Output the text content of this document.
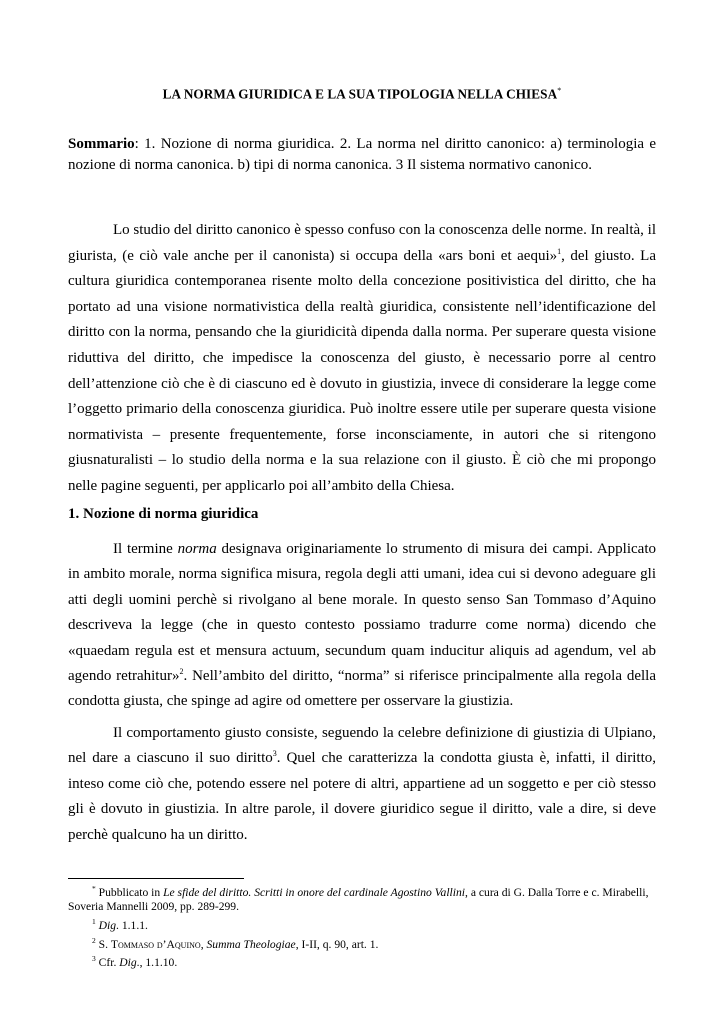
LA NORMA GIURIDICA E LA SUA TIPOLOGIA NELLA CHIESA*
Sommario: 1. Nozione di norma giuridica. 2. La norma nel diritto canonico: a) terminologia e nozione di norma canonica. b) tipi di norma canonica. 3 Il sistema normativo canonico.

Lo studio del diritto canonico è spesso confuso con la conoscenza delle norme. In realtà, il giurista, (e ciò vale anche per il canonista) si occupa della «ars boni et aequi»$^1$, del giusto. La cultura giuridica contemporanea risente molto della concezione positivistica del diritto, che ha portato ad una visione normativistica della realtà giuridica, consistente nell’identificazione del diritto con la norma, pensando che la giuridicità dipenda dalla norma. Per superare questa visione riduttiva del diritto, che impedisce la conoscenza del giusto, è necessario porre al centro dell’attenzione ciò che è di ciascuno ed è dovuto in giustizia, invece di considerare la legge come l’oggetto primario della conoscenza giuridica. Può inoltre essere utile per superare questa visione normativista – presente frequentemente, forse inconsciamente, in autori che si ritengono giusnaturalisti – lo studio della norma e la sua relazione con il giusto. È ciò che mi propongo nelle pagine seguenti, per applicarlo poi all’ambito della Chiesa.

1. Nozione di norma giuridica

Il termine norma designava originariamente lo strumento di misura dei campi. Applicato in ambito morale, norma significa misura, regola degli atti umani, idea cui si devono adeguare gli atti degli uomini perchè si rivolgano al bene morale. In questo senso San Tommaso d’Aquino descriveva la legge (che in questo contesto possiamo tradurre come norma) dicendo che «quaedam regula est et mensura actuum, secundum quam inducitur aliquis ad agendum, vel ab agendo retrahitur»$^2$. Nell’ambito del diritto, “norma” si riferisce principalmente alla regola della condotta giusta, che spinge ad agire od omettere per osservare la giustizia.

Il comportamento giusto consiste, seguendo la celebre definizione di giustizia di Ulpiano, nel dare a ciascuno il suo diritto$^3$. Quel che caratterizza la condotta giusta è, infatti, il diritto, inteso come ciò che, potendo essere nel potere di altri, appartiene ad un soggetto e per ciò stesso gli è dovuto in giustizia. In altre parole, il dovere giuridico segue il diritto, vale a dire, si deve perchè qualcuno ha un diritto.

* Pubblicato in Le sfide del diritto. Scritti in onore del cardinale Agostino Vallini, a cura di G. Dalla Torre e c. Mirabelli, Soveria Mannelli 2009, pp. 289-299.

$^1$ Dig. 1.1.1.

$^2$ S. Tommaso d’Aquino, Summa Theologiae, I-II, q. 90, art. 1.

$^3$ Cfr. Dig., 1.1.10.
